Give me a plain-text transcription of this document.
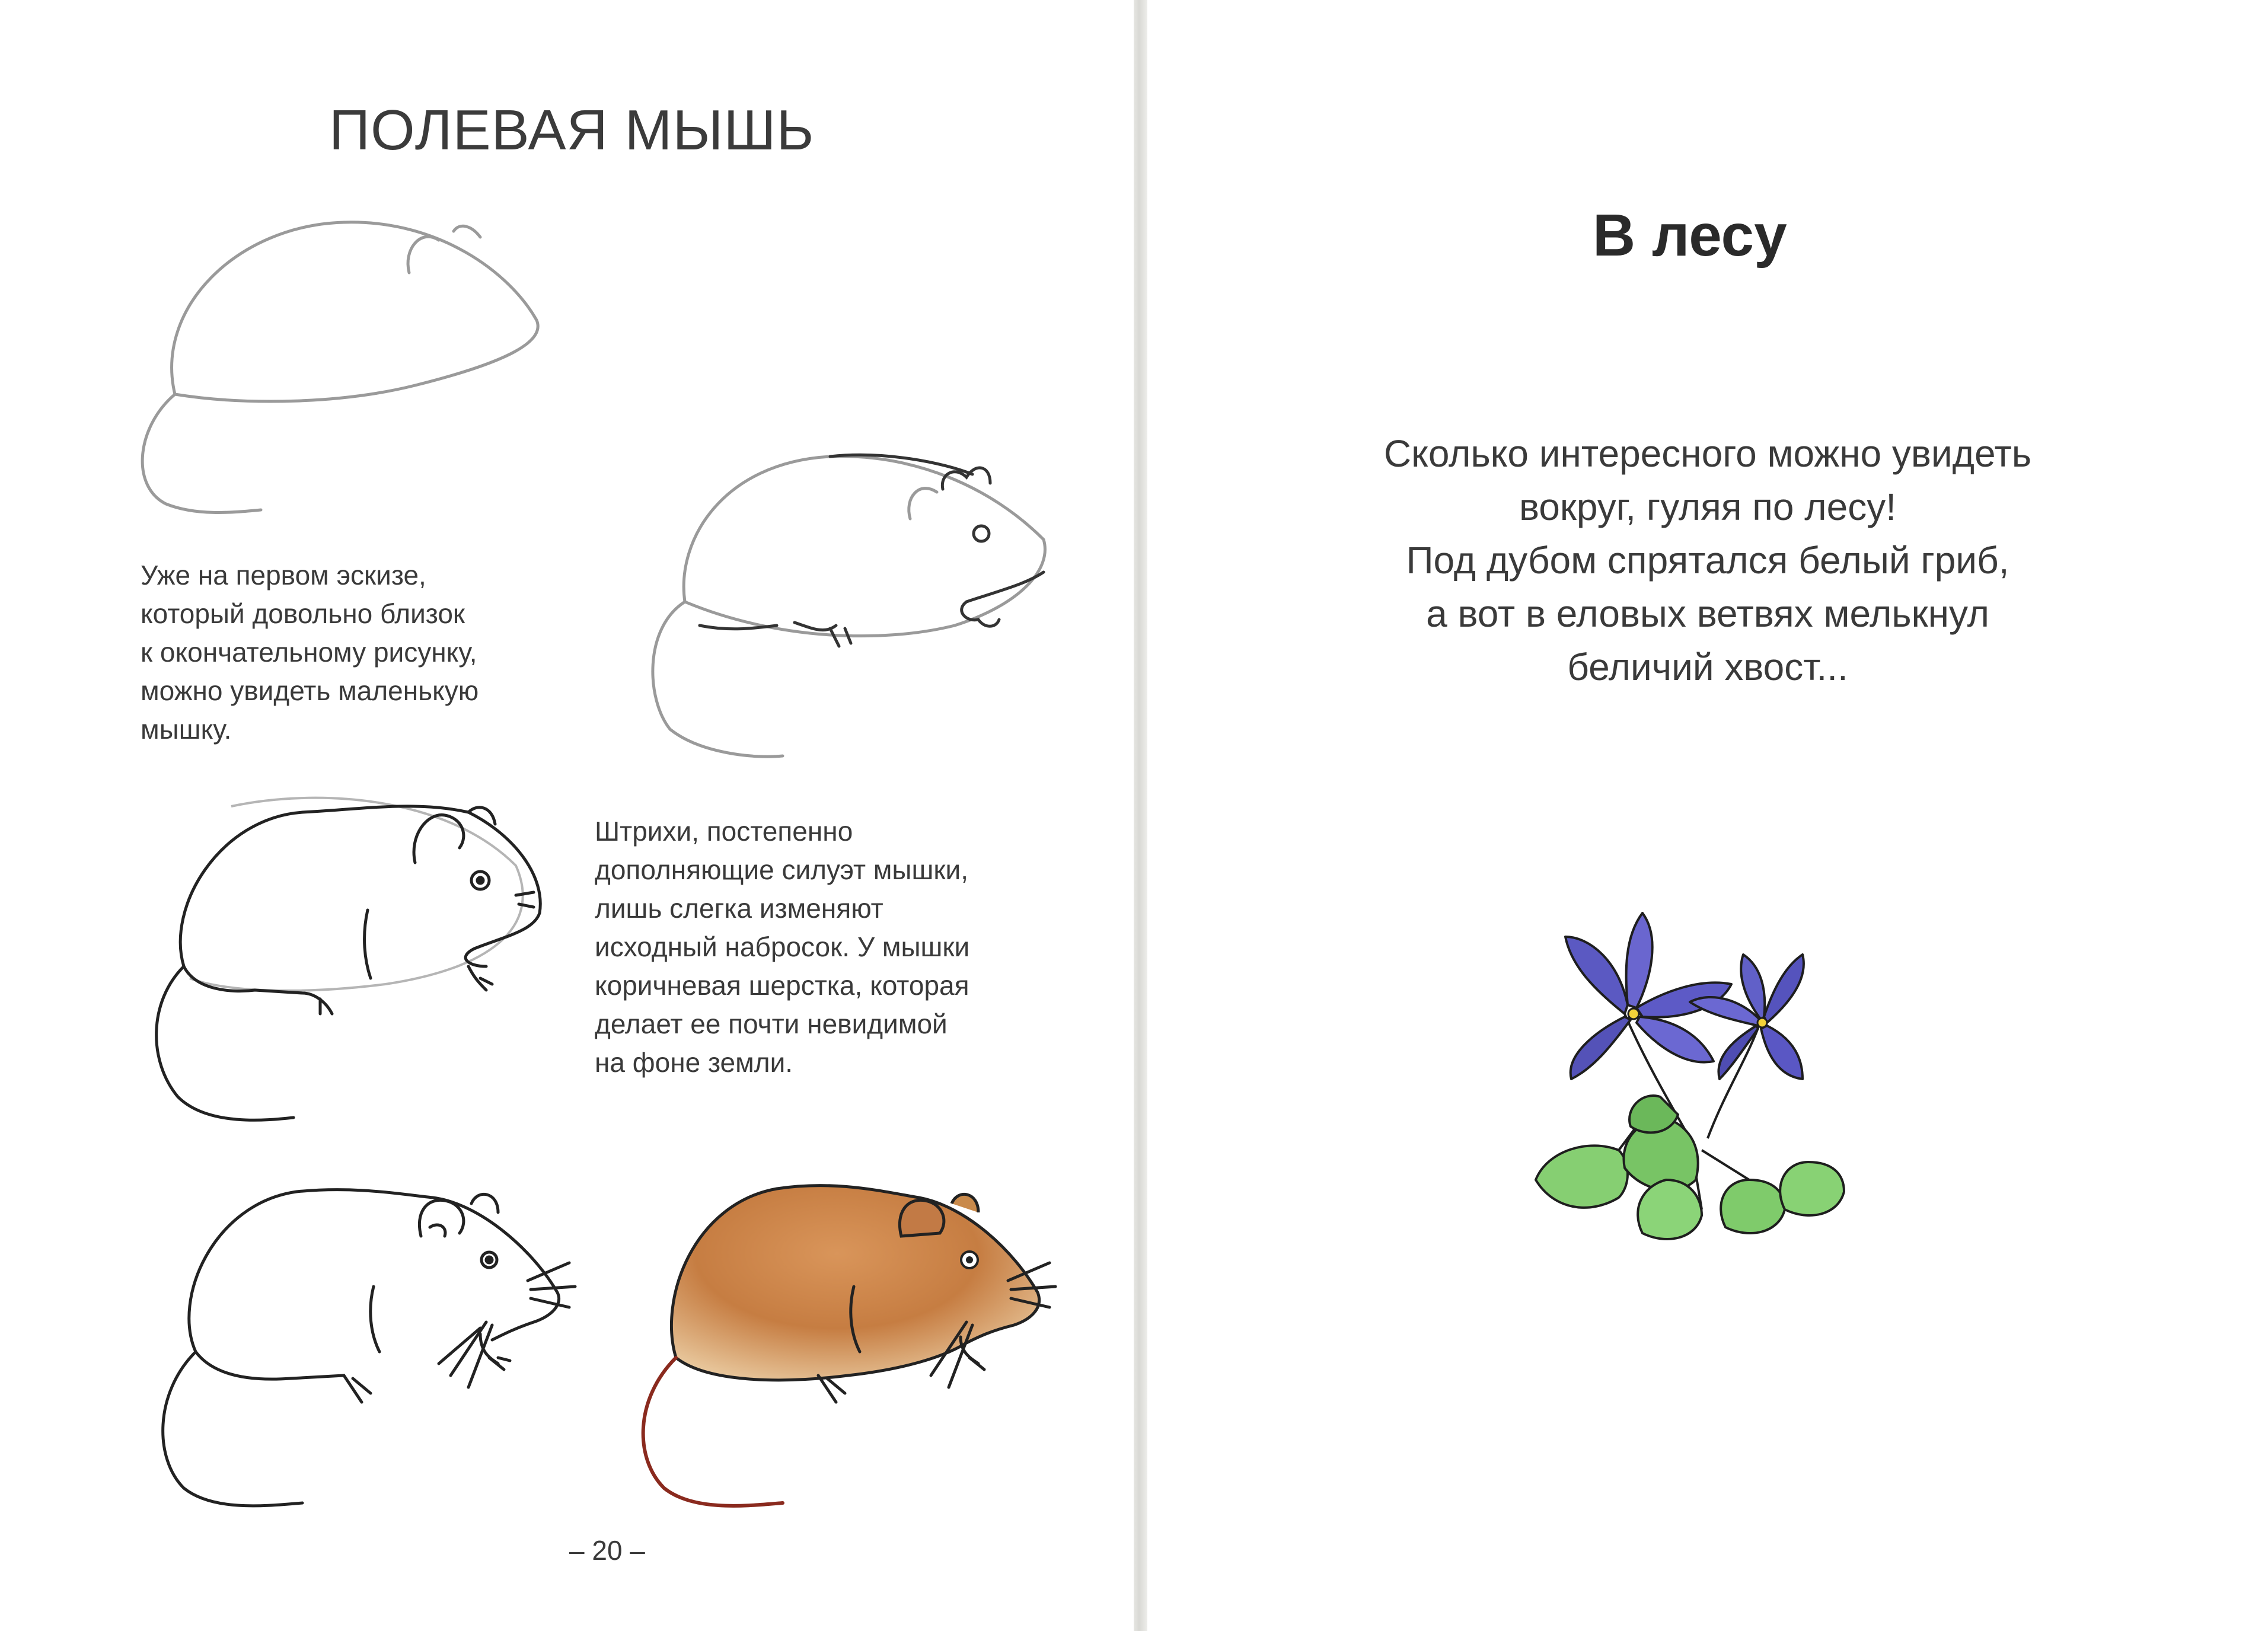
ПОЛЕВАЯ МЫШЬ
Уже на первом эскизе,
который довольно близок
к окончательному рисунку,
можно увидеть маленькую
мышку.
Штрихи, постепенно
дополняющие силуэт мышки,
лишь слегка изменяют
исходный набросок. У мышки
коричневая шерстка, которая
делает ее почти невидимой
на фоне земли.
– 20 –
В лесу
Сколько интересного можно увидеть
вокруг, гуляя по лесу!
Под дубом спрятался белый гриб,
а вот в еловых ветвях мелькнул
беличий хвост...
